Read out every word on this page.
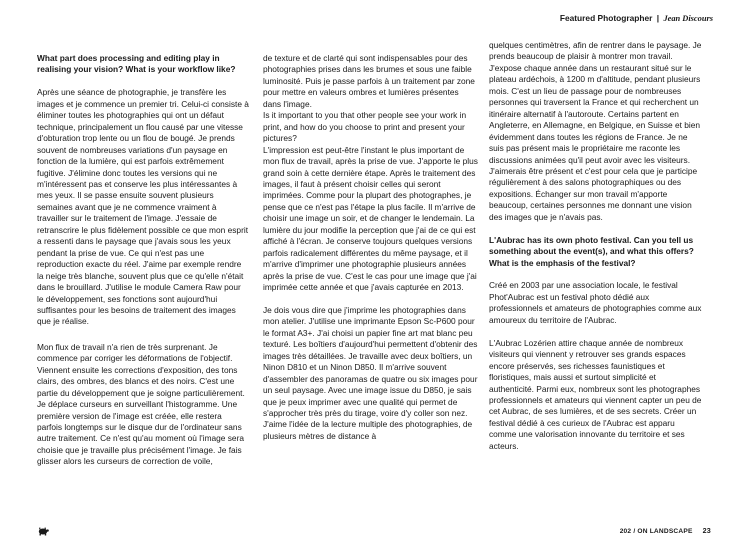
Featured Photographer | Jean Discours

What part does processing and editing play in realising your vision? What is your workflow like?

Après une séance de photographie, je transfère les images et je commence un premier tri. Celui-ci consiste à éliminer toutes les photographies qui ont un défaut technique, principalement un flou causé par une vitesse d'obturation trop lente ou un flou de bougé. Je prends souvent de nombreuses variations d'un paysage en fonction de la lumière, qui est parfois extrêmement fugitive. J'élimine donc toutes les versions qui ne m'intéressent pas et conserve les plus intéressantes à mes yeux. Il se passe ensuite souvent plusieurs semaines avant que je ne commence vraiment à travailler sur le traitement de l'image. J'essaie de retranscrire le plus fidèlement possible ce que mon esprit a ressenti dans le paysage que j'avais sous les yeux pendant la prise de vue. Ce qui n'est pas une reproduction exacte du réel. J'aime par exemple rendre la neige très blanche, souvent plus que ce qu'elle n'était dans le brouillard. J'utilise le module Camera Raw pour le développement, ses fonctions sont aujourd'hui suffisantes pour les besoins de traitement des images que je réalise.

Mon flux de travail n'a rien de très surprenant. Je commence par corriger les déformations de l'objectif. Viennent ensuite les corrections d'exposition, des tons clairs, des ombres, des blancs et des noirs. C'est une partie du développement que je soigne particulièrement. Je déplace curseurs en surveillant l'histogramme. Une première version de l'image est créée, elle restera parfois longtemps sur le disque dur de l'ordinateur sans autre traitement. Ce n'est qu'au moment où l'image sera choisie que je travaille plus précisément l'image. Je fais glisser alors les curseurs de correction de voile,

de texture et de clarté qui sont indispensables pour des photographies prises dans les brumes et sous une faible luminosité. Puis je passe parfois à un traitement par zone pour mettre en valeurs ombres et lumières présentes dans l'image.

Is it important to you that other people see your work in print, and how do you choose to print and present your pictures?

L'impression est peut-être l'instant le plus important de mon flux de travail, après la prise de vue. J'apporte le plus grand soin à cette dernière étape. Après le traitement des images, il faut à présent choisir celles qui seront imprimées. Comme pour la plupart des photographes, je pense que ce n'est pas l'étape la plus facile. Il m'arrive de choisir une image un soir, et de changer le lendemain. La lumière du jour modifie la perception que j'ai de ce qui est affiché à l'écran. Je conserve toujours quelques versions parfois radicalement différentes du même paysage, et il m'arrive d'imprimer une photographie plusieurs années après la prise de vue. C'est le cas pour une image que j'ai imprimée cette année et que j'avais capturée en 2013.

Je dois vous dire que j'imprime les photographies dans mon atelier. J'utilise une imprimante Epson Sc-P600 pour le format A3+. J'ai choisi un papier fine art mat blanc peu texturé. Les boîtiers d'aujourd'hui permettent d'obtenir des images très détaillées. Je travaille avec deux boîtiers, un Ninon D810 et un Ninon D850. Il m'arrive souvent d'assembler des panoramas de quatre ou six images pour un seul paysage. Avec une image issue du D850, je sais que je peux imprimer avec une qualité qui permet de s'approcher très près du tirage, voire d'y coller son nez. J'aime l'idée de la lecture multiple des photographies, de plusieurs mètres de distance à

quelques centimètres, afin de rentrer dans le paysage. Je prends beaucoup de plaisir à montrer mon travail. J'expose chaque année dans un restaurant situé sur le plateau ardéchois, à 1200 m d'altitude, pendant plusieurs mois. C'est un lieu de passage pour de nombreuses personnes qui traversent la France et qui recherchent un itinéraire alternatif à l'autoroute. Certains partent en Angleterre, en Allemagne, en Belgique, en Suisse et bien évidemment dans toutes les régions de France. Je ne suis pas présent mais le propriétaire me raconte les discussions animées qu'il peut avoir avec les visiteurs. J'aimerais être présent et c'est pour cela que je participe régulièrement à des salons photographiques ou des expositions. Échanger sur mon travail m'apporte beaucoup, certaines personnes me donnant une vision des images que je n'avais pas.

L'Aubrac has its own photo festival. Can you tell us something about the event(s), and what this offers? What is the emphasis of the festival?

Créé en 2003 par une association locale, le festival Phot'Aubrac est un festival photo dédié aux professionnels et amateurs de photographies comme aux amoureux du territoire de l'Aubrac.

L'Aubrac Lozérien attire chaque année de nombreux visiteurs qui viennent y retrouver ses grands espaces encore préservés, ses richesses faunistiques et floristiques, mais aussi et surtout simplicité et authenticité. Parmi eux, nombreux sont les photographes professionnels et amateurs qui viennent capter un peu de cet Aubrac, de ses lumières, et de ses secrets. Créer un festival dédié à ces curieux de l'Aubrac est apparu comme une valorisation innovante du territoire et ses acteurs.

202 / ON LANDSCAPE 23
